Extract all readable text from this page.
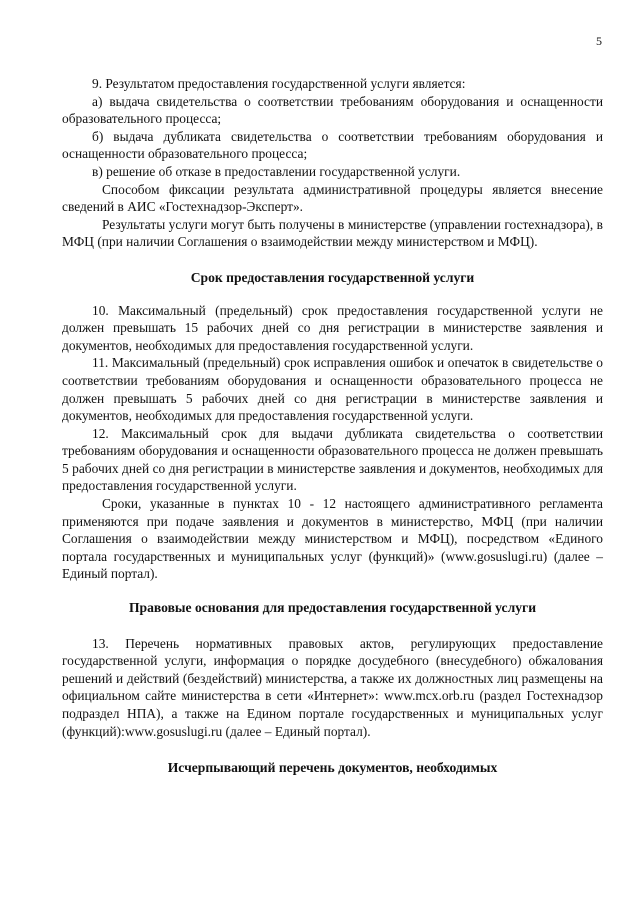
5

9. Результатом предоставления государственной услуги является:

а) выдача свидетельства о соответствии требованиям оборудования и оснащенности образовательного процесса;

б) выдача дубликата свидетельства о соответствии требованиям оборудования и оснащенности образовательного процесса;

в) решение об отказе в предоставлении государственной услуги.

Способом фиксации результата административной процедуры является внесение сведений в АИС «Гостехнадзор-Эксперт».

Результаты услуги могут быть получены в министерстве (управлении гостехнадзора), в МФЦ (при наличии Соглашения о взаимодействии между министерством и МФЦ).

Срок предоставления государственной услуги

10. Максимальный (предельный) срок предоставления государственной услуги не должен превышать 15 рабочих дней со дня регистрации в министерстве заявления и документов, необходимых для предоставления государственной услуги.

11. Максимальный (предельный) срок исправления ошибок и опечаток в свидетельстве о соответствии требованиям оборудования и оснащенности образовательного процесса не должен превышать 5 рабочих дней со дня регистрации в министерстве заявления и документов, необходимых для предоставления государственной услуги.

12. Максимальный срок для выдачи дубликата свидетельства о соответствии требованиям оборудования и оснащенности образовательного процесса не должен превышать 5 рабочих дней со дня регистрации в министерстве заявления и документов, необходимых для предоставления государственной услуги.

Сроки, указанные в пунктах 10 - 12 настоящего административного регламента применяются при подаче заявления и документов в министерство, МФЦ (при наличии Соглашения о взаимодействии между министерством и МФЦ), посредством «Единого портала государственных и муниципальных услуг (функций)» (www.gosuslugi.ru) (далее – Единый портал).

Правовые основания для предоставления государственной услуги

13. Перечень нормативных правовых актов, регулирующих предоставление государственной услуги, информация о порядке досудебного (внесудебного) обжалования решений и действий (бездействий) министерства, а также их должностных лиц размещены на официальном сайте министерства в сети «Интернет»: www.mcx.orb.ru (раздел Гостехнадзор подраздел НПА), а также на Едином портале государственных и муниципальных услуг (функций):www.gosuslugi.ru (далее – Единый портал).

Исчерпывающий перечень документов, необходимых
